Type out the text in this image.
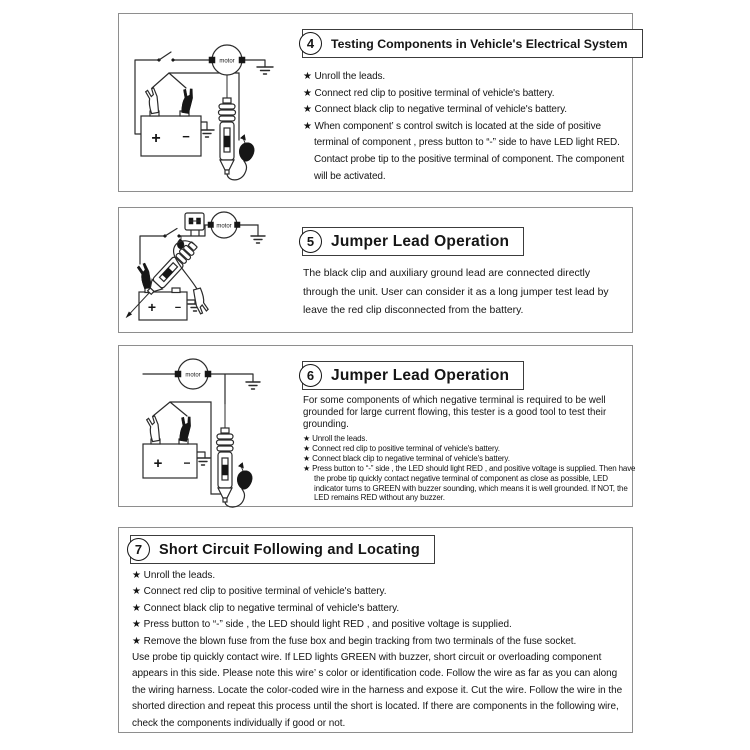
motor
+ −
4	Testing Components in Vehicle's Electrical System

★ Unroll the leads.

★ Connect red clip to positive terminal of vehicle's battery.

★ Connect black clip to negative terminal of vehicle's battery.

★ When component’ s control switch is located at the side of positive terminal of component , press button to “-” side to have LED light RED. Contact probe tip to the positive terminal of component. The component will be activated.

motor
+ −
5	Jumper Lead Operation

The black clip and auxiliary ground lead are connected directly through the unit. User can consider it as a long jumper test lead by leave the red clip disconnected from the battery.

motor
+ −
6	Jumper Lead Operation

For some components of which negative terminal is required to be well grounded for large current flowing, this tester is a good tool to test their grounding.

★ Unroll the leads.

★ Connect red clip to positive terminal of vehicle's battery.

★ Connect black clip to negative terminal of vehicle's battery.

★ Press button to “-” side , the LED should light RED , and positive voltage is supplied. Then have the probe tip quickly contact negative terminal of component as close as possible, LED indicator turns to GREEN with buzzer sounding, which means it is well grounded. If NOT, the LED remains RED without any buzzer.

7	Short Circuit Following and Locating

★ Unroll the leads.

★ Connect red clip to positive terminal of vehicle's battery.

★ Connect black clip to negative terminal of vehicle's battery.

★ Press button to “-” side , the LED should light RED , and positive voltage is supplied.

★ Remove the blown fuse from the fuse box and begin tracking from two terminals of the fuse socket.

Use probe tip quickly contact wire. If LED lights GREEN with buzzer, short circuit or overloading component appears in this side. Please note this wire’ s color or identification code. Follow the wire as far as you can along the wiring harness. Locate the color-coded wire in the harness and expose it. Cut the wire. Follow the wire in the shorted direction and repeat this process until the short is located. If there are components in the following wire, check the components individually if good or not.
